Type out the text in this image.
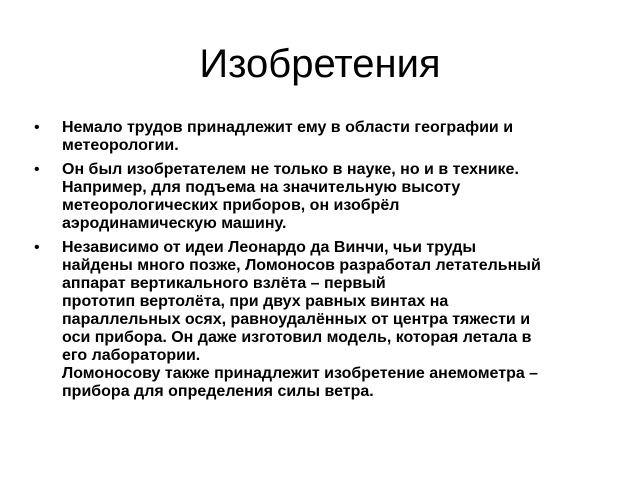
Изобретения
• Немало трудов принадлежит ему в области географии и
метеорологии.
• Он был изобретателем не только в науке, но и в технике.
Например, для подъема на значительную высоту
метеорологических приборов, он изобрёл
аэродинамическую машину.
• Независимо от идеи Леонардо да Винчи, чьи труды
найдены много позже, Ломоносов разработал летательный
аппарат вертикального взлёта – первый
прототип вертолёта, при двух равных винтах на
параллельных осях, равноудалённых от центра тяжести и
оси прибора. Он даже изготовил модель, которая летала в
его лаборатории.
Ломоносову также принадлежит изобретение анемометра –
прибора для определения силы ветра.
